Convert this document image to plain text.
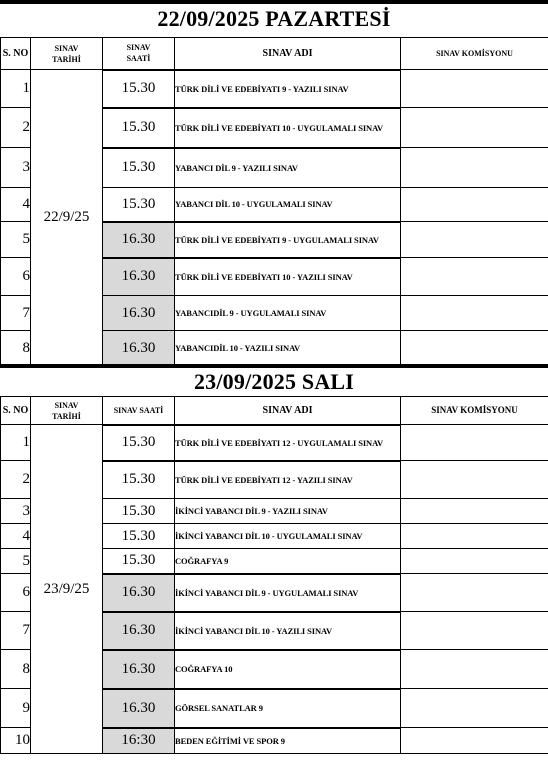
22/09/2025 PAZARTESİ
S. NO	SINAV TARİHİ	SINAV SAATİ	SINAV ADI	SINAV KOMİSYONU
1	22/9/25	15.30	TÜRK DİLİ VE EDEBİYATI 9 - YAZILI SINAV	
2		15.30	TÜRK DİLİ VE EDEBİYATI 10 - UYGULAMALI SINAV	
3		15.30	YABANCI DİL 9 - YAZILI SINAV	
4		15.30	YABANCI DİL 10 - UYGULAMALI SINAV	
5		16.30	TÜRK DİLİ VE EDEBİYATI 9 - UYGULAMALI SINAV	
6		16.30	TÜRK DİLİ VE EDEBİYATI 10 - YAZILI SINAV	
7		16.30	YABANCIDİL 9 - UYGULAMALI SINAV	
8		16.30	YABANCIDİL 10 - YAZILI SINAV	
23/09/2025 SALI
S. NO	SINAV TARİHİ	SINAV SAATİ	SINAV ADI	SINAV KOMİSYONU
1	23/9/25	15.30	TÜRK DİLİ VE EDEBİYATI 12 - UYGULAMALI SINAV	
2		15.30	TÜRK DİLİ VE EDEBİYATI 12 - YAZILI SINAV	
3		15.30	İKİNCİ YABANCI DİL 9 - YAZILI SINAV	
4		15.30	İKİNCİ YABANCI DİL 10 - UYGULAMALI SINAV	
5		15.30	COĞRAFYA 9	
6		16.30	İKİNCİ YABANCI DİL 9 - UYGULAMALI SINAV	
7		16.30	İKİNCİ YABANCI DİL 10 - YAZILI SINAV	
8		16.30	COĞRAFYA 10	
9		16.30	GÖRSEL SANATLAR 9	
10		16:30	BEDEN EĞİTİMİ VE SPOR 9	
